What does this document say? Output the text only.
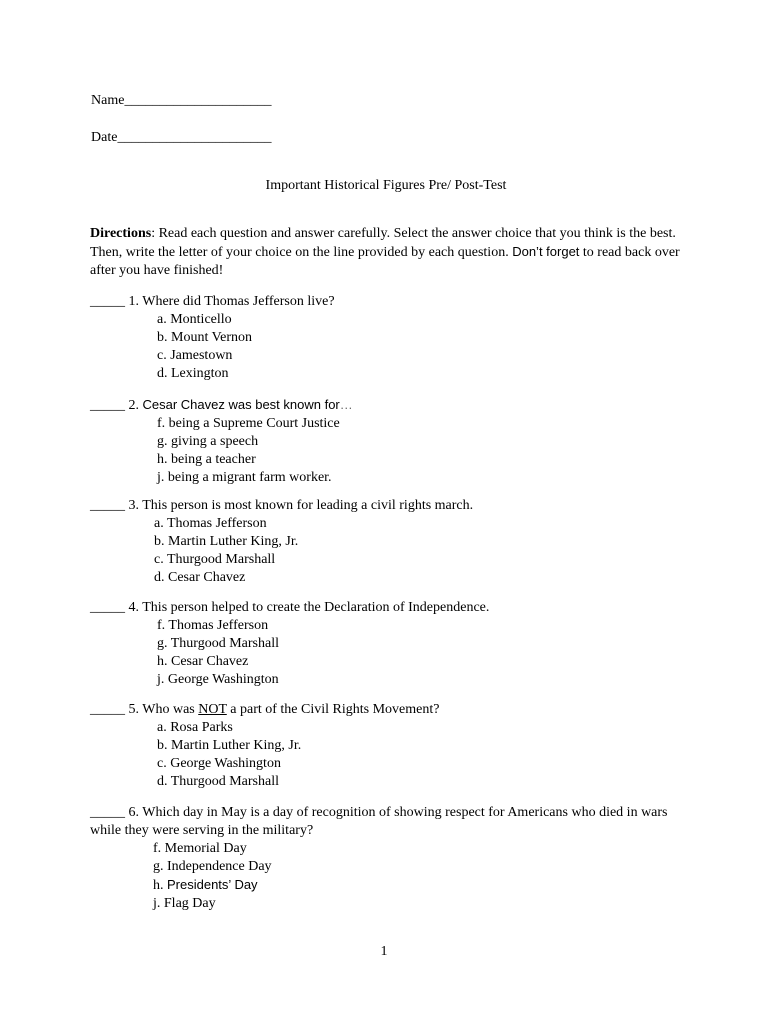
Name_____________________
Date______________________
Important Historical Figures Pre/ Post-Test
Directions: Read each question and answer carefully. Select the answer choice that you think is the best. Then, write the letter of your choice on the line provided by each question. Don’t forget to read back over after you have finished!
_____ 1. Where did Thomas Jefferson live?
a. Monticello
b. Mount Vernon
c. Jamestown
d. Lexington
_____ 2. Cesar Chavez was best known for…
f. being a Supreme Court Justice
g. giving a speech
h. being a teacher
j. being a migrant farm worker.
_____ 3. This person is most known for leading a civil rights march.
a. Thomas Jefferson
b. Martin Luther King, Jr.
c. Thurgood Marshall
d. Cesar Chavez
_____ 4. This person helped to create the Declaration of Independence.
f. Thomas Jefferson
g. Thurgood Marshall
h. Cesar Chavez
j. George Washington
_____ 5. Who was NOT a part of the Civil Rights Movement?
a. Rosa Parks
b. Martin Luther King, Jr.
c. George Washington
d. Thurgood Marshall
_____ 6. Which day in May is a day of recognition of showing respect for Americans who died in wars while they were serving in the military?
f. Memorial Day
g. Independence Day
h. Presidents’ Day
j. Flag Day
1
